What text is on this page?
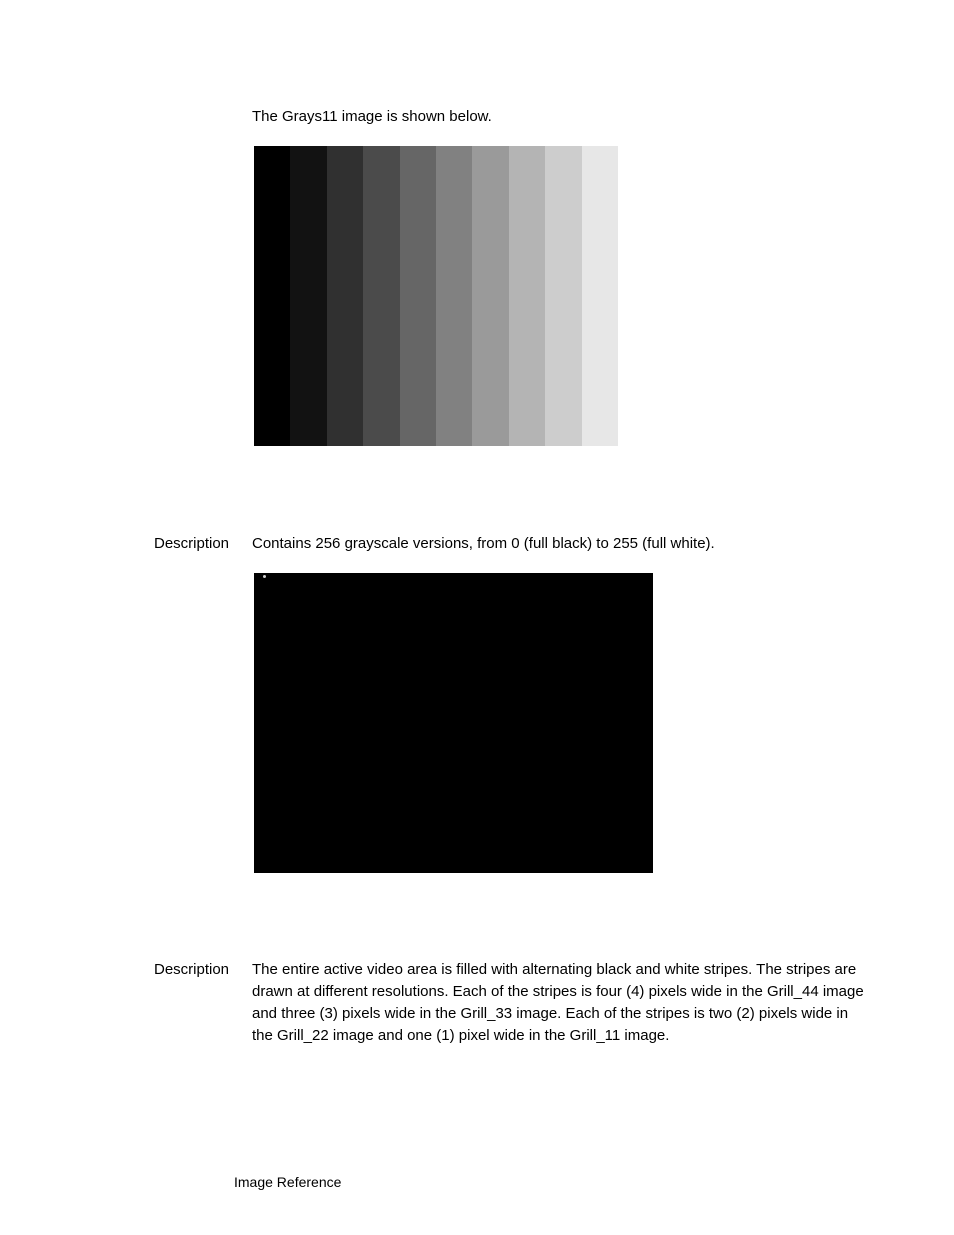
The Grays11 image is shown below.
Description Contains 256 grayscale versions, from 0 (full black) to 255 (full white).
Description The entire active video area is filled with alternating black and white stripes. The stripes are drawn at different resolutions. Each of the stripes is four (4) pixels wide in the Grill_44 image and three (3) pixels wide in the Grill_33 image. Each of the stripes is two (2) pixels wide in the Grill_22 image and one (1) pixel wide in the Grill_11 image.
Image Reference
